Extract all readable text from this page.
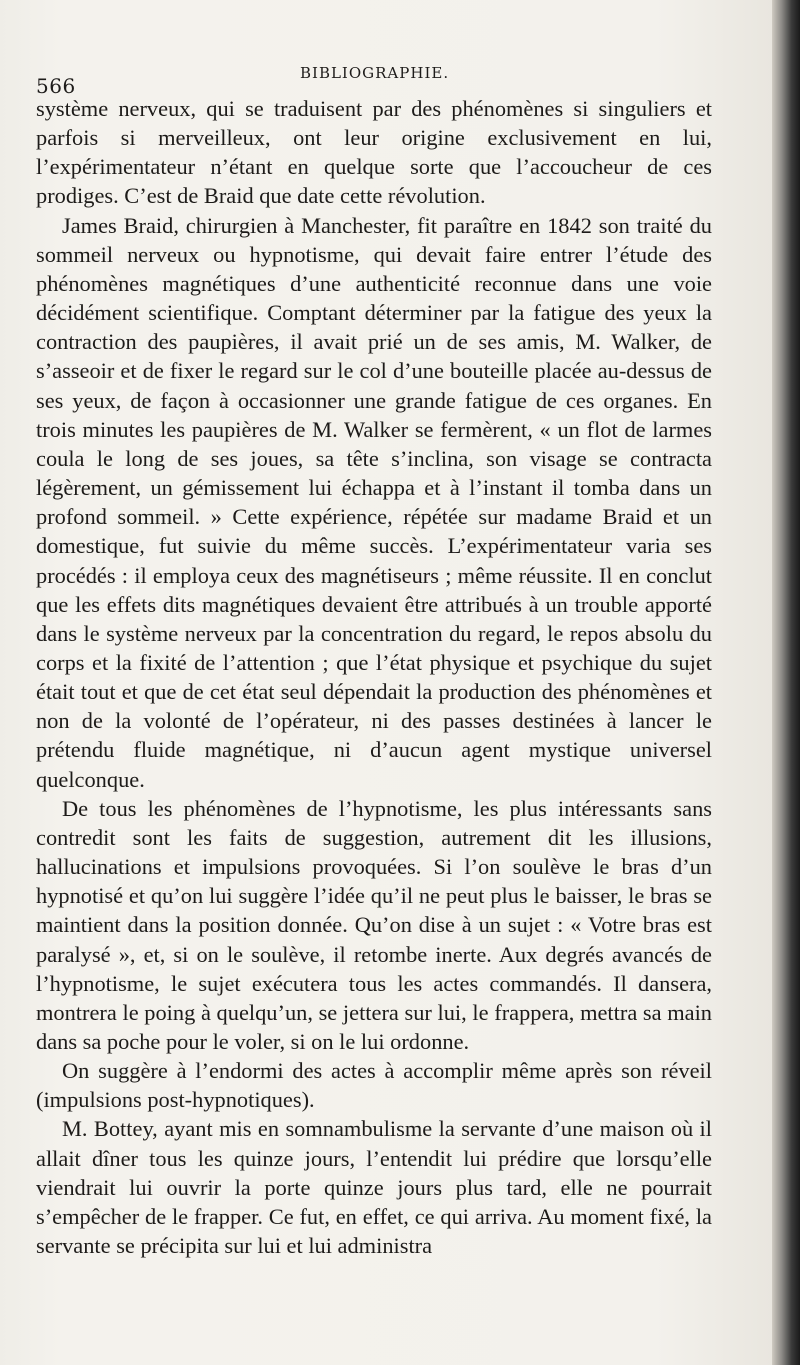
566
BIBLIOGRAPHIE.

système nerveux, qui se traduisent par des phénomènes si singuliers et parfois si merveilleux, ont leur origine exclusivement en lui, l’expérimentateur n’étant en quelque sorte que l’accoucheur de ces prodiges. C’est de Braid que date cette révolution.

James Braid, chirurgien à Manchester, fit paraître en 1842 son traité du sommeil nerveux ou hypnotisme, qui devait faire entrer l’étude des phénomènes magnétiques d’une authenticité reconnue dans une voie décidément scientifique. Comptant déterminer par la fatigue des yeux la contraction des paupières, il avait prié un de ses amis, M. Walker, de s’asseoir et de fixer le regard sur le col d’une bouteille placée au-dessus de ses yeux, de façon à occasionner une grande fatigue de ces organes. En trois minutes les paupières de M. Walker se fermèrent, « un flot de larmes coula le long de ses joues, sa tête s’inclina, son visage se contracta légèrement, un gémissement lui échappa et à l’instant il tomba dans un profond sommeil. » Cette expérience, répétée sur madame Braid et un domestique, fut suivie du même succès. L’expérimentateur varia ses procédés : il employa ceux des magnétiseurs ; même réussite. Il en conclut que les effets dits magnétiques devaient être attribués à un trouble apporté dans le système nerveux par la concentration du regard, le repos absolu du corps et la fixité de l’attention ; que l’état physique et psychique du sujet était tout et que de cet état seul dépendait la production des phénomènes et non de la volonté de l’opérateur, ni des passes destinées à lancer le prétendu fluide magnétique, ni d’aucun agent mystique universel quelconque.

De tous les phénomènes de l’hypnotisme, les plus intéressants sans contredit sont les faits de suggestion, autrement dit les illusions, hallucinations et impulsions provoquées. Si l’on soulève le bras d’un hypnotisé et qu’on lui suggère l’idée qu’il ne peut plus le baisser, le bras se maintient dans la position donnée. Qu’on dise à un sujet : « Votre bras est paralysé », et, si on le soulève, il retombe inerte. Aux degrés avancés de l’hypnotisme, le sujet exécutera tous les actes commandés. Il dansera, montrera le poing à quelqu’un, se jettera sur lui, le frappera, mettra sa main dans sa poche pour le voler, si on le lui ordonne.

On suggère à l’endormi des actes à accomplir même après son réveil (impulsions post-hypnotiques).

M. Bottey, ayant mis en somnambulisme la servante d’une maison où il allait dîner tous les quinze jours, l’entendit lui prédire que lorsqu’elle viendrait lui ouvrir la porte quinze jours plus tard, elle ne pourrait s’empêcher de le frapper. Ce fut, en effet, ce qui arriva. Au moment fixé, la servante se précipita sur lui et lui administra
